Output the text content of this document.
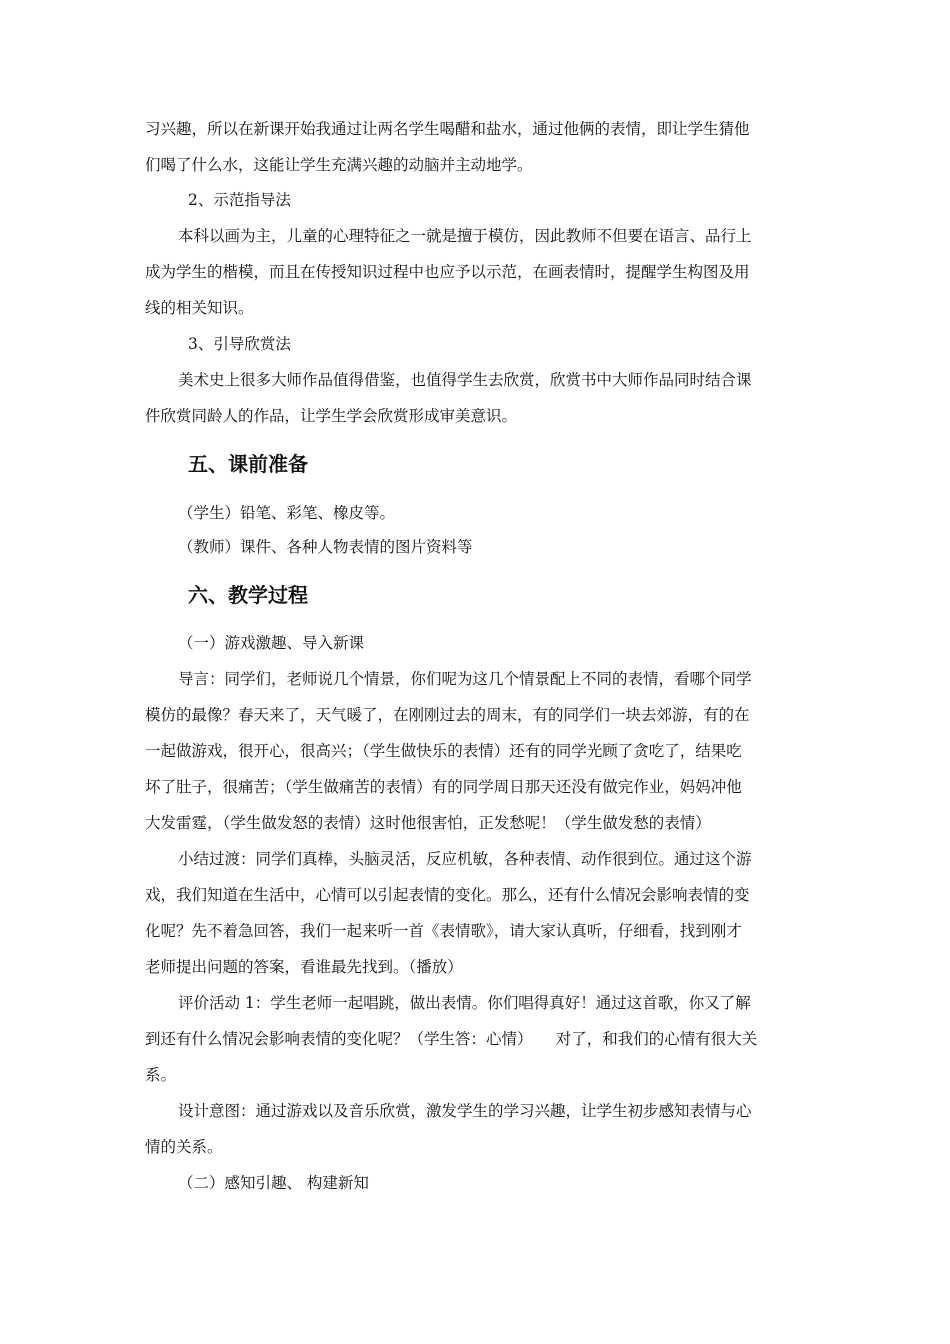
习兴趣，所以在新课开始我通过让两名学生喝醋和盐水，通过他俩的表情，即让学生猜他
们喝了什么水，这能让学生充满兴趣的动脑并主动地学。
2、示范指导法
本科以画为主，儿童的心理特征之一就是擅于模仿，因此教师不但要在语言、品行上
成为学生的楷模，而且在传授知识过程中也应予以示范，在画表情时，提醒学生构图及用
线的相关知识。
3、引导欣赏法
美术史上很多大师作品值得借鉴，也值得学生去欣赏，欣赏书中大师作品同时结合课
件欣赏同龄人的作品，让学生学会欣赏形成审美意识。
五、课前准备
（学生）铅笔、彩笔、橡皮等。
（教师）课件、各种人物表情的图片资料等
六、教学过程
（一）游戏激趣、导入新课
导言：同学们，老师说几个情景，你们呢为这几个情景配上不同的表情，看哪个同学
模仿的最像？春天来了，天气暖了，在刚刚过去的周末，有的同学们一块去郊游，有的在
一起做游戏，很开心，很高兴；（学生做快乐的表情）还有的同学光顾了贪吃了，结果吃
坏了肚子，很痛苦；（学生做痛苦的表情）有的同学周日那天还没有做完作业，妈妈冲他
大发雷霆，（学生做发怒的表情）这时他很害怕，正发愁呢！（学生做发愁的表情）
小结过渡：同学们真棒，头脑灵活，反应机敏，各种表情、动作很到位。通过这个游
戏，我们知道在生活中，心情可以引起表情的变化。那么，还有什么情况会影响表情的变
化呢？先不着急回答，我们一起来听一首《表情歌》，请大家认真听，仔细看，找到刚才
老师提出问题的答案，看谁最先找到。（播放）
评价活动 1：学生老师一起唱跳，做出表情。你们唱得真好！通过这首歌，你又了解
到还有什么情况会影响表情的变化呢？（学生答：心情）　　对了，和我们的心情有很大关
系。
设计意图：通过游戏以及音乐欣赏，激发学生的学习兴趣，让学生初步感知表情与心
情的关系。
（二）感知引趣、 构建新知
